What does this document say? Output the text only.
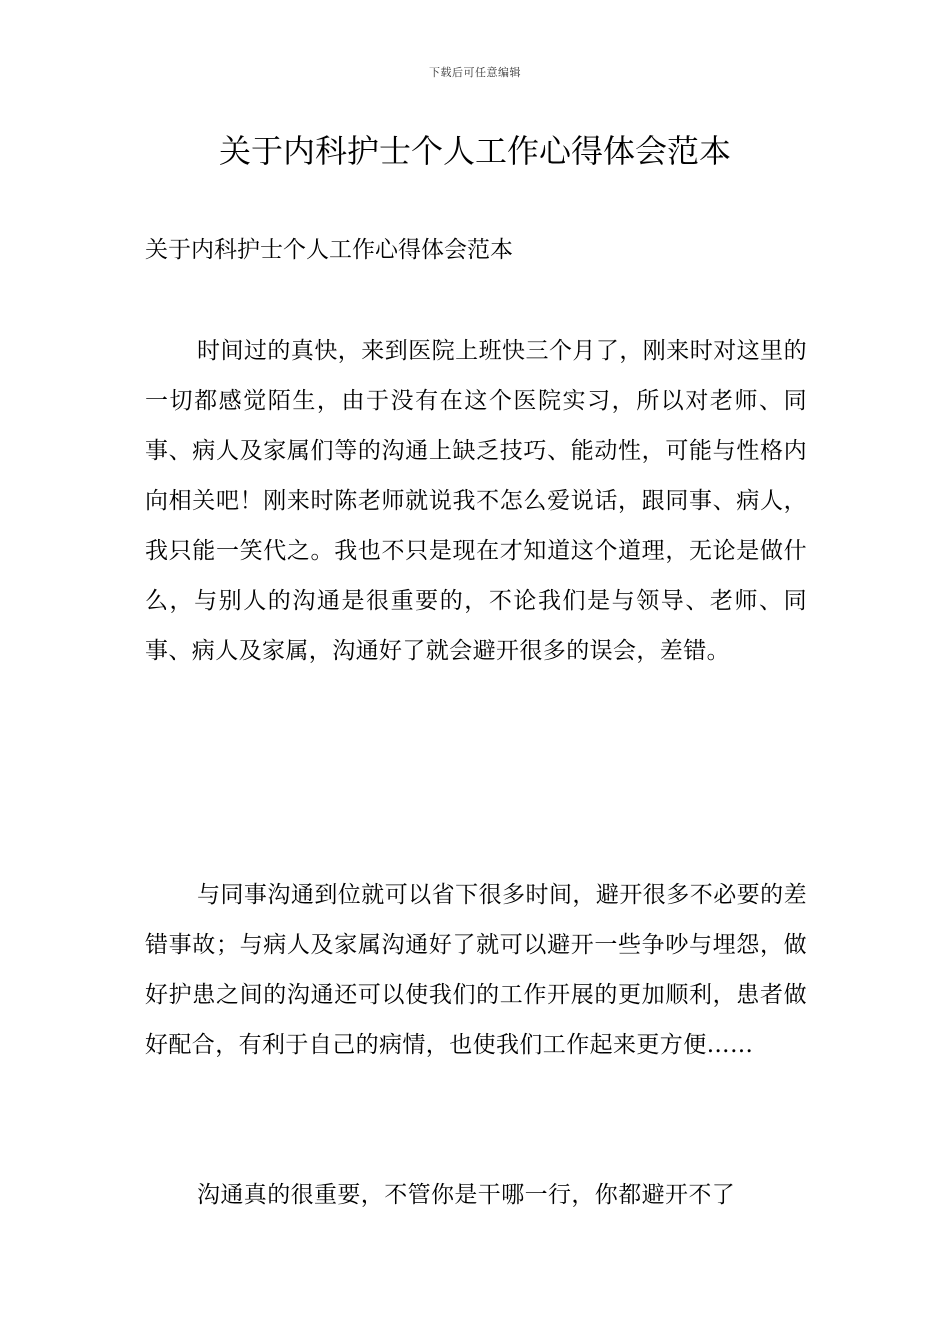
下载后可任意编辑
关于内科护士个人工作心得体会范本

关于内科护士个人工作心得体会范本

时间过的真快，来到医院上班快三个月了，刚来时对这里的一切都感觉陌生，由于没有在这个医院实习，所以对老师、同事、病人及家属们等的沟通上缺乏技巧、能动性，可能与性格内向相关吧！刚来时陈老师就说我不怎么爱说话，跟同事、病人，我只能一笑代之。我也不只是现在才知道这个道理，无论是做什么，与别人的沟通是很重要的，不论我们是与领导、老师、同事、病人及家属，沟通好了就会避开很多的误会，差错。

与同事沟通到位就可以省下很多时间，避开很多不必要的差错事故；与病人及家属沟通好了就可以避开一些争吵与埋怨，做好护患之间的沟通还可以使我们的工作开展的更加顺利，患者做好配合，有利于自己的病情，也使我们工作起来更方便……

沟通真的很重要，不管你是干哪一行，你都避开不了
